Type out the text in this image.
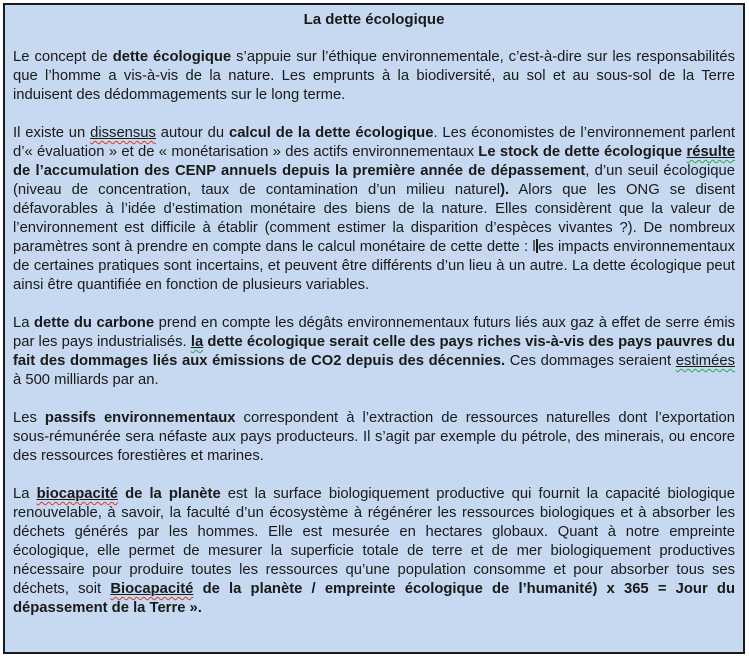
La dette écologique

Le concept de dette écologique s’appuie sur l’éthique environnementale, c’est-à-dire sur les responsabilités que l’homme a vis-à-vis de la nature. Les emprunts à la biodiversité, au sol et au sous-sol de la Terre induisent des dédommagements sur le long terme.

Il existe un dissensus autour du calcul de la dette écologique. Les économistes de l’environnement parlent d’« évaluation » et de « monétarisation » des actifs environnementaux Le stock de dette écologique résulte de l’accumulation des CENP annuels depuis la première année de dépassement, d’un seuil écologique (niveau de concentration, taux de contamination d’un milieu naturel). Alors que les ONG se disent défavorables à l’idée d’estimation monétaire des biens de la nature. Elles considèrent que la valeur de l’environnement est difficile à établir (comment estimer la disparition d’espèces vivantes ?). De nombreux paramètres sont à prendre en compte dans le calcul monétaire de cette dette : l es impacts environnementaux de certaines pratiques sont incertains, et peuvent être différents d’un lieu à un autre. La dette écologique peut ainsi être quantifiée en fonction de plusieurs variables.

La dette du carbone prend en compte les dégâts environnementaux futurs liés aux gaz à effet de serre émis par les pays industrialisés. la dette écologique serait celle des pays riches vis-à-vis des pays pauvres du fait des dommages liés aux émissions de CO2 depuis des décennies. Ces dommages seraient estimées à 500 milliards par an.

Les passifs environnementaux correspondent à l’extraction de ressources naturelles dont l’exportation sous-rémunérée sera néfaste aux pays producteurs. Il s’agit par exemple du pétrole, des minerais, ou encore des ressources forestières et marines.

La biocapacité de la planète est la surface biologiquement productive qui fournit la capacité biologique renouvelable, à savoir, la faculté d’un écosystème à régénérer les ressources biologiques et à absorber les déchets générés par les hommes. Elle est mesurée en hectares globaux. Quant à notre empreinte écologique, elle permet de mesurer la superficie totale de terre et de mer biologiquement productives nécessaire pour produire toutes les ressources qu’une population consomme et pour absorber tous ses déchets, soit Biocapacité de la planète / empreinte écologique de l’humanité) x 365 = Jour du dépassement de la Terre ».
